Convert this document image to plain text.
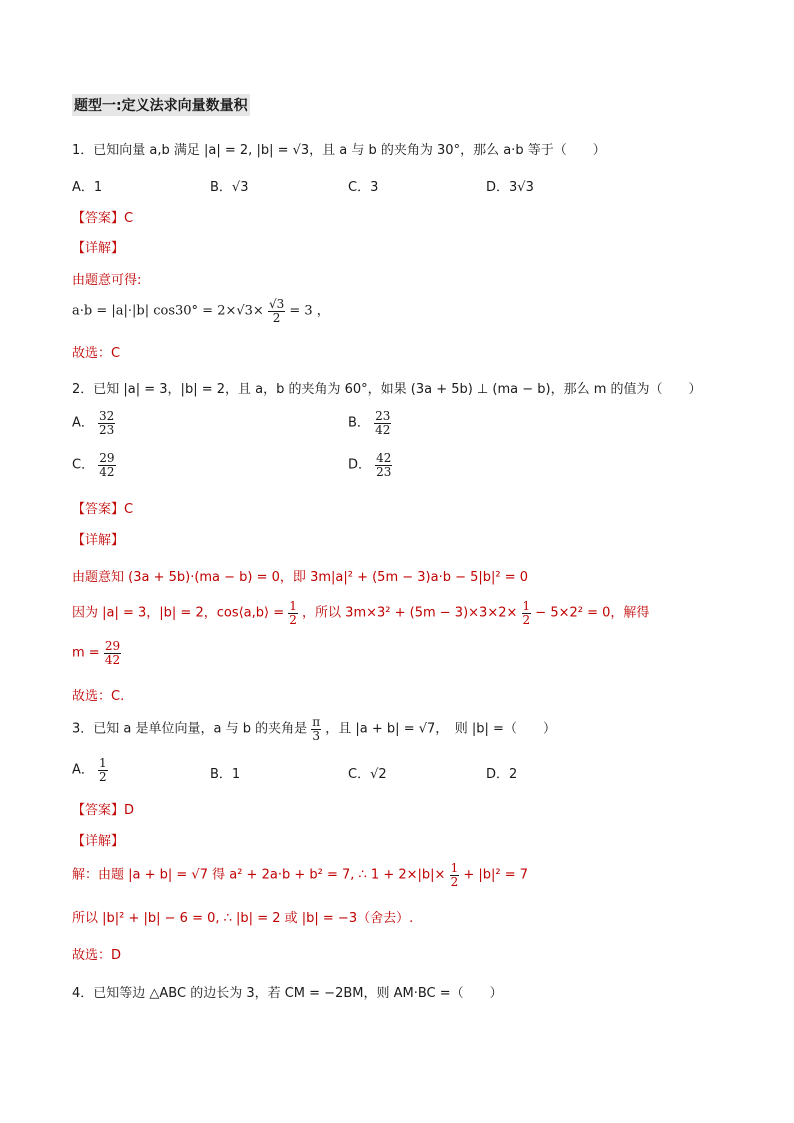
题型一:定义法求向量数量积
1．已知向量 a,b 满足 |a| = 2, |b| = √3，且 a 与 b 的夹角为 30°，那么 a·b 等于（　　）
A．1	B．√3	C．3	D．3√3
【答案】C
【详解】
由题意可得:
a·b = |a|·|b| $\cos 30^\circ = 2\times√3\times \frac{√3}{2} = 3$ ，
故选：C
2．已知 |a| = 3，|b| = 2，且 a，b 的夹角为 60°，如果 (3a + 5b) ⊥ (ma − b)，那么 m 的值为（　　）
A． $\frac{32}{23}$	B． $\frac{23}{42}$
C． $\frac{29}{42}$	D． $\frac{42}{23}$
【答案】C
【详解】
由题意知 (3a + 5b)·(ma − b) = 0，即 3m|a|² + (5m − 3)a·b − 5|b|² = 0
因为 |a| = 3，|b| = 2，cos⟨a,b⟩ = $\frac{1}{2}$ ，所以 $3m\times 3^2 + (5m - 3)\times 3\times 2\times \frac{1}{2} - 5\times 2^2 = 0$，解得
$m = \frac{29}{42}$
故选：C.
3．已知 a 是单位向量，a 与 b 的夹角是 $\frac{\pi}{3}$ ，且 |a + b| = √7，　则 |b| =（　　）
A． $\frac{1}{2}$	B．1	C．√2	D．2
【答案】D
【详解】
解：由题 |a + b| = √7 得 a² + 2a·b + b² = 7, ∴ $1 + 2\times|b|\times \frac{1}{2} + |b|^2 = 7$
所以 |b|² + |b| − 6 = 0, ∴ |b| = 2 或 |b| = −3（舍去）.
故选：D
4．已知等边 △ABC 的边长为 3，若 CM = −2BM，则 AM·BC =（　　）
